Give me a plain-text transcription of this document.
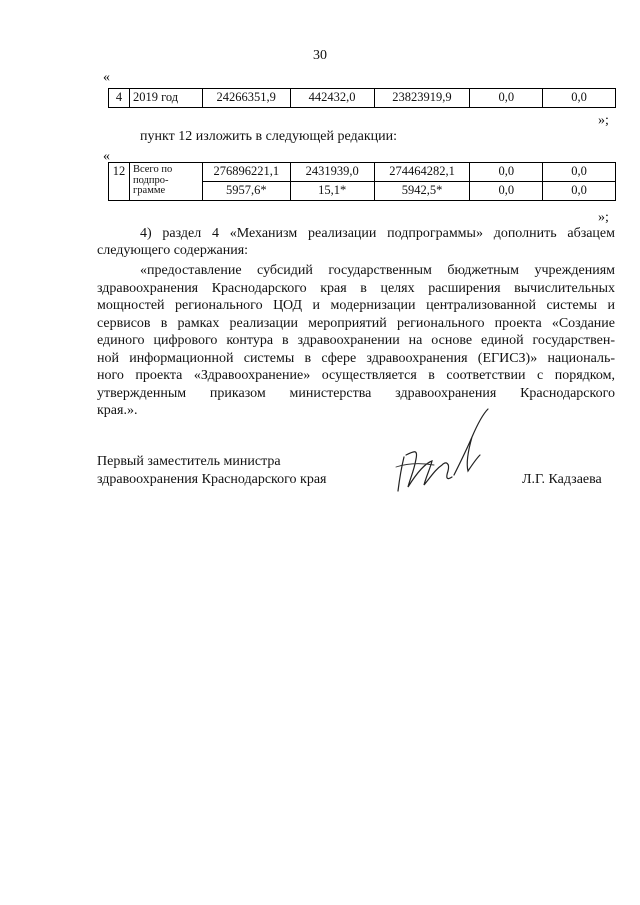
30
«
4	2019 год	24266351,9	442432,0	23823919,9	0,0	0,0
»;
пункт 12 изложить в следующей редакции:
«
12	Всего по подпро- грамме	276896221,1	2431939,0	274464282,1	0,0	0,0
		5957,6*	15,1*	5942,5*	0,0	0,0
»;
4) раздел 4 «Механизм реализации подпрограммы» дополнить абзацем
следующего содержания:
«предоставление субсидий государственным бюджетным учреждениям
здравоохранения Краснодарского края в целях расширения вычислительных
мощностей регионального ЦОД и модернизации централизованной системы и
сервисов в рамках реализации мероприятий регионального проекта «Создание
единого цифрового контура в здравоохранении на основе единой государствен-
ной информационной системы в сфере здравоохранения (ЕГИСЗ)» националь-
ного проекта «Здравоохранение» осуществляется в соответствии с порядком,
утвержденным приказом министерства здравоохранения Краснодарского
края.».
Первый заместитель министра
здравоохранения Краснодарского края	Л.Г. Кадзаева
